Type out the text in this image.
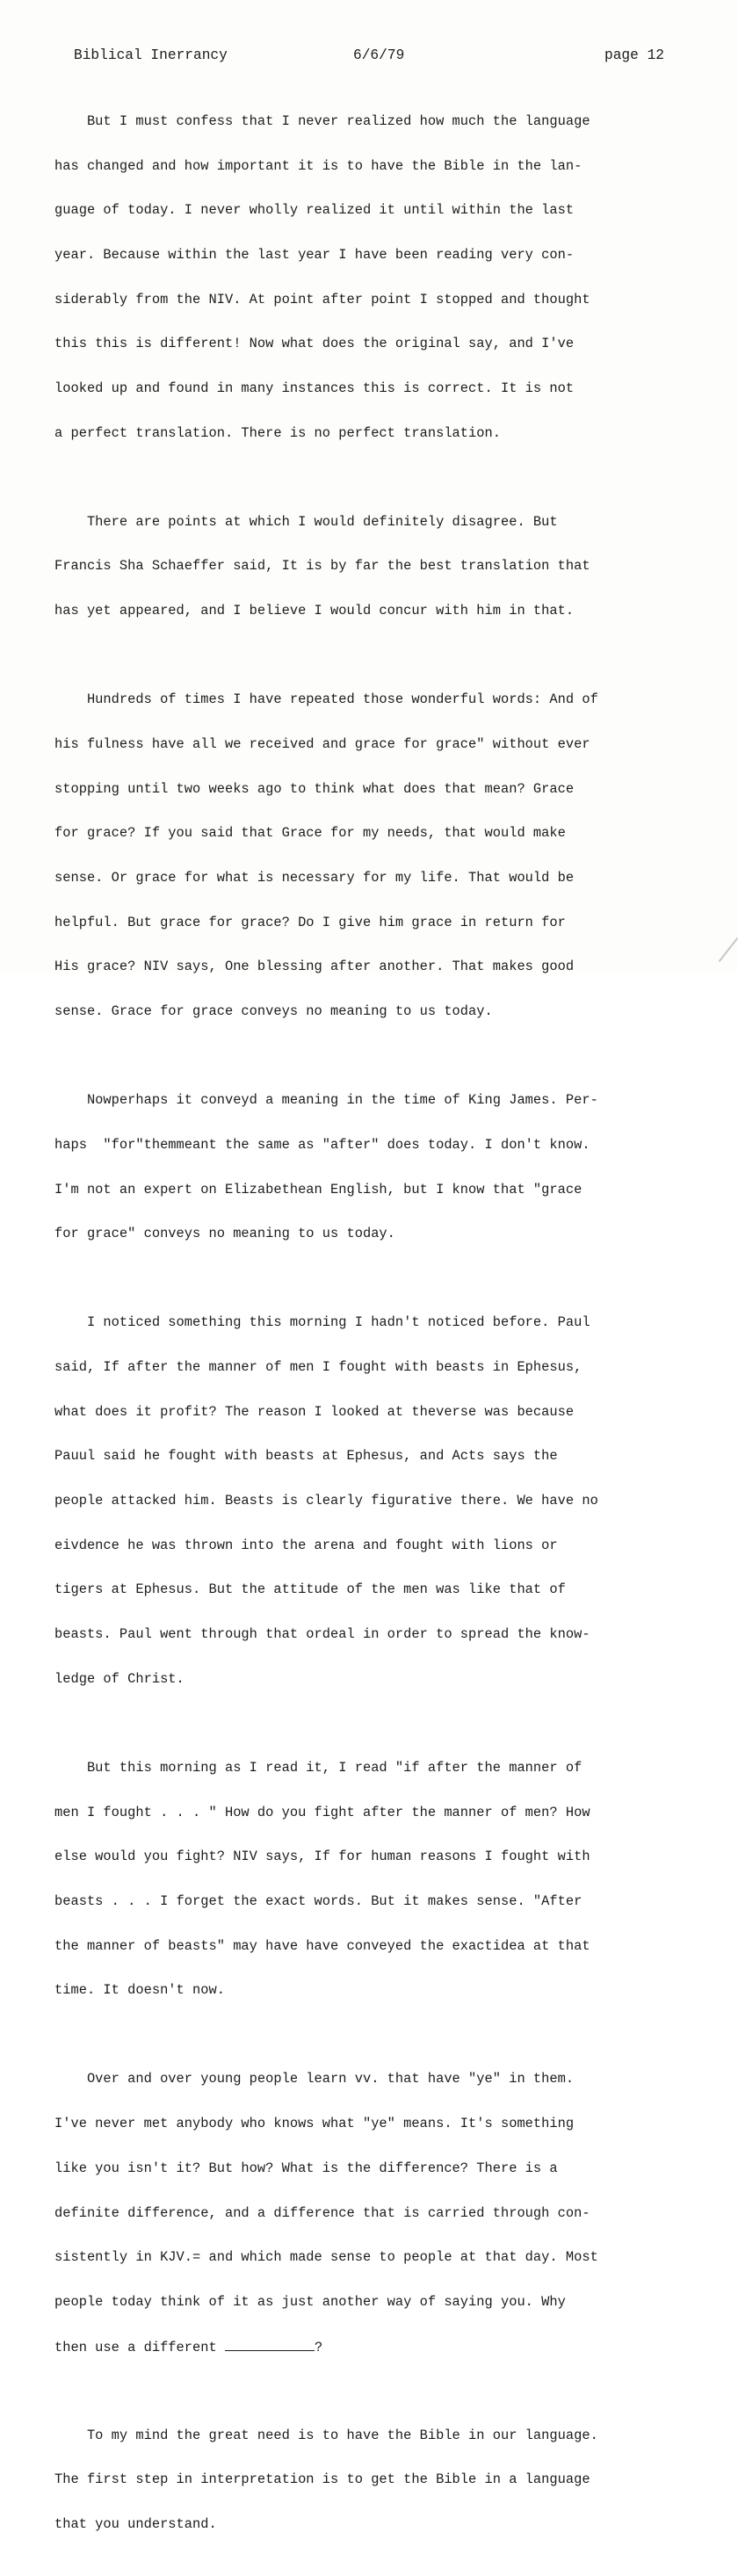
Biblical Inerrancy	6/6/79	page 12

But I must confess that I never realized how much the language

has changed and how important it is to have the Bible in the lan-

guage of today. I never wholly realized it until within the last

year. Because within the last year I have been reading very con-

siderably from the NIV. At point after point I stopped and thought

this this is different! Now what does the original say, and I've

looked up and found in many instances this is correct. It is not

a perfect translation. There is no perfect translation.

There are points at which I would definitely disagree. But

Francis Sha Schaeffer said, It is by far the best translation that

has yet appeared, and I believe I would concur with him in that.

Hundreds of times I have repeated those wonderful words: And of

his fulness have all we received and grace for grace" without ever

stopping until two weeks ago to think what does that mean? Grace

for grace? If you said that Grace for my needs, that would make

sense. Or grace for what is necessary for my life. That would be

helpful. But grace for grace? Do I give him grace in return for

His grace? NIV says, One blessing after another. That makes good

sense. Grace for grace conveys no meaning to us today.

Nowperhaps it conveyd a meaning in the time of King James. Per-

haps  "for"themmeant the same as "after" does today. I don't know.

I'm not an expert on Elizabethean English, but I know that "grace

for grace" conveys no meaning to us today.

I noticed something this morning I hadn't noticed before. Paul

said, If after the manner of men I fought with beasts in Ephesus,

what does it profit? The reason I looked at theverse was because

Pauul said he fought with beasts at Ephesus, and Acts says the

people attacked him. Beasts is clearly figurative there. We have no

eivdence he was thrown into the arena and fought with lions or

tigers at Ephesus. But the attitude of the men was like that of

beasts. Paul went through that ordeal in order to spread the know-

ledge of Christ.

But this morning as I read it, I read "if after the manner of

men I fought . . . " How do you fight after the manner of men? How

else would you fight? NIV says, If for human reasons I fought with

beasts . . . I forget the exact words. But it makes sense. "After

the manner of beasts" may have have conveyed the exactidea at that

time. It doesn't now.

Over and over young people learn vv. that have "ye" in them.

I've never met anybody who knows what "ye" means. It's something

like you isn't it? But how? What is the difference? There is a

definite difference, and a difference that is carried through con-

sistently in KJV.= and which made sense to people at that day. Most

people today think of it as just another way of saying you. Why

then use a different	?

To my mind the great need is to have the Bible in our language.

The first step in interpretation is to get the Bible in a language

that you understand.
